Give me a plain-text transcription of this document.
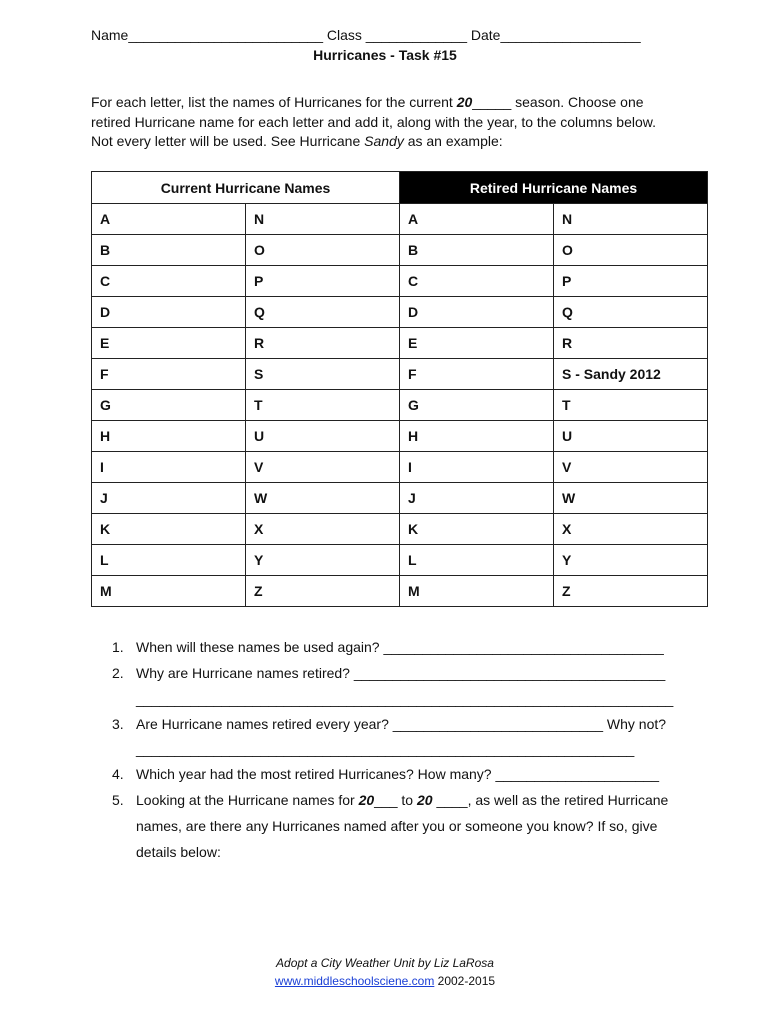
Name_________________________ Class _____________ Date__________________
Hurricanes - Task #15
For each letter, list the names of Hurricanes for the current 20_____ season. Choose one
retired Hurricane name for each letter and add it, along with the year, to the columns below.
Not every letter will be used. See Hurricane Sandy as an example:
Current Hurricane Names		Retired Hurricane Names	
A	N	A	N
B	O	B	O
C	P	C	P
D	Q	D	Q
E	R	E	R
F	S	F	S - Sandy 2012
G	T	G	T
H	U	H	U
I	V	I	V
J	W	J	W
K	X	K	X
L	Y	L	Y
M	Z	M	Z
1. When will these names be used again? ____________________________________
2. Why are Hurricane names retired? ________________________________________
_____________________________________________________________________
3. Are Hurricane names retired every year? ___________________________ Why not?
________________________________________________________________
4. Which year had the most retired Hurricanes? How many? _____________________
5. Looking at the Hurricane names for 20___ to 20 ____, as well as the retired Hurricane
names, are there any Hurricanes named after you or someone you know? If so, give
details below:
Adopt a City Weather Unit by Liz LaRosa
www.middleschoolsciene.com 2002-2015
